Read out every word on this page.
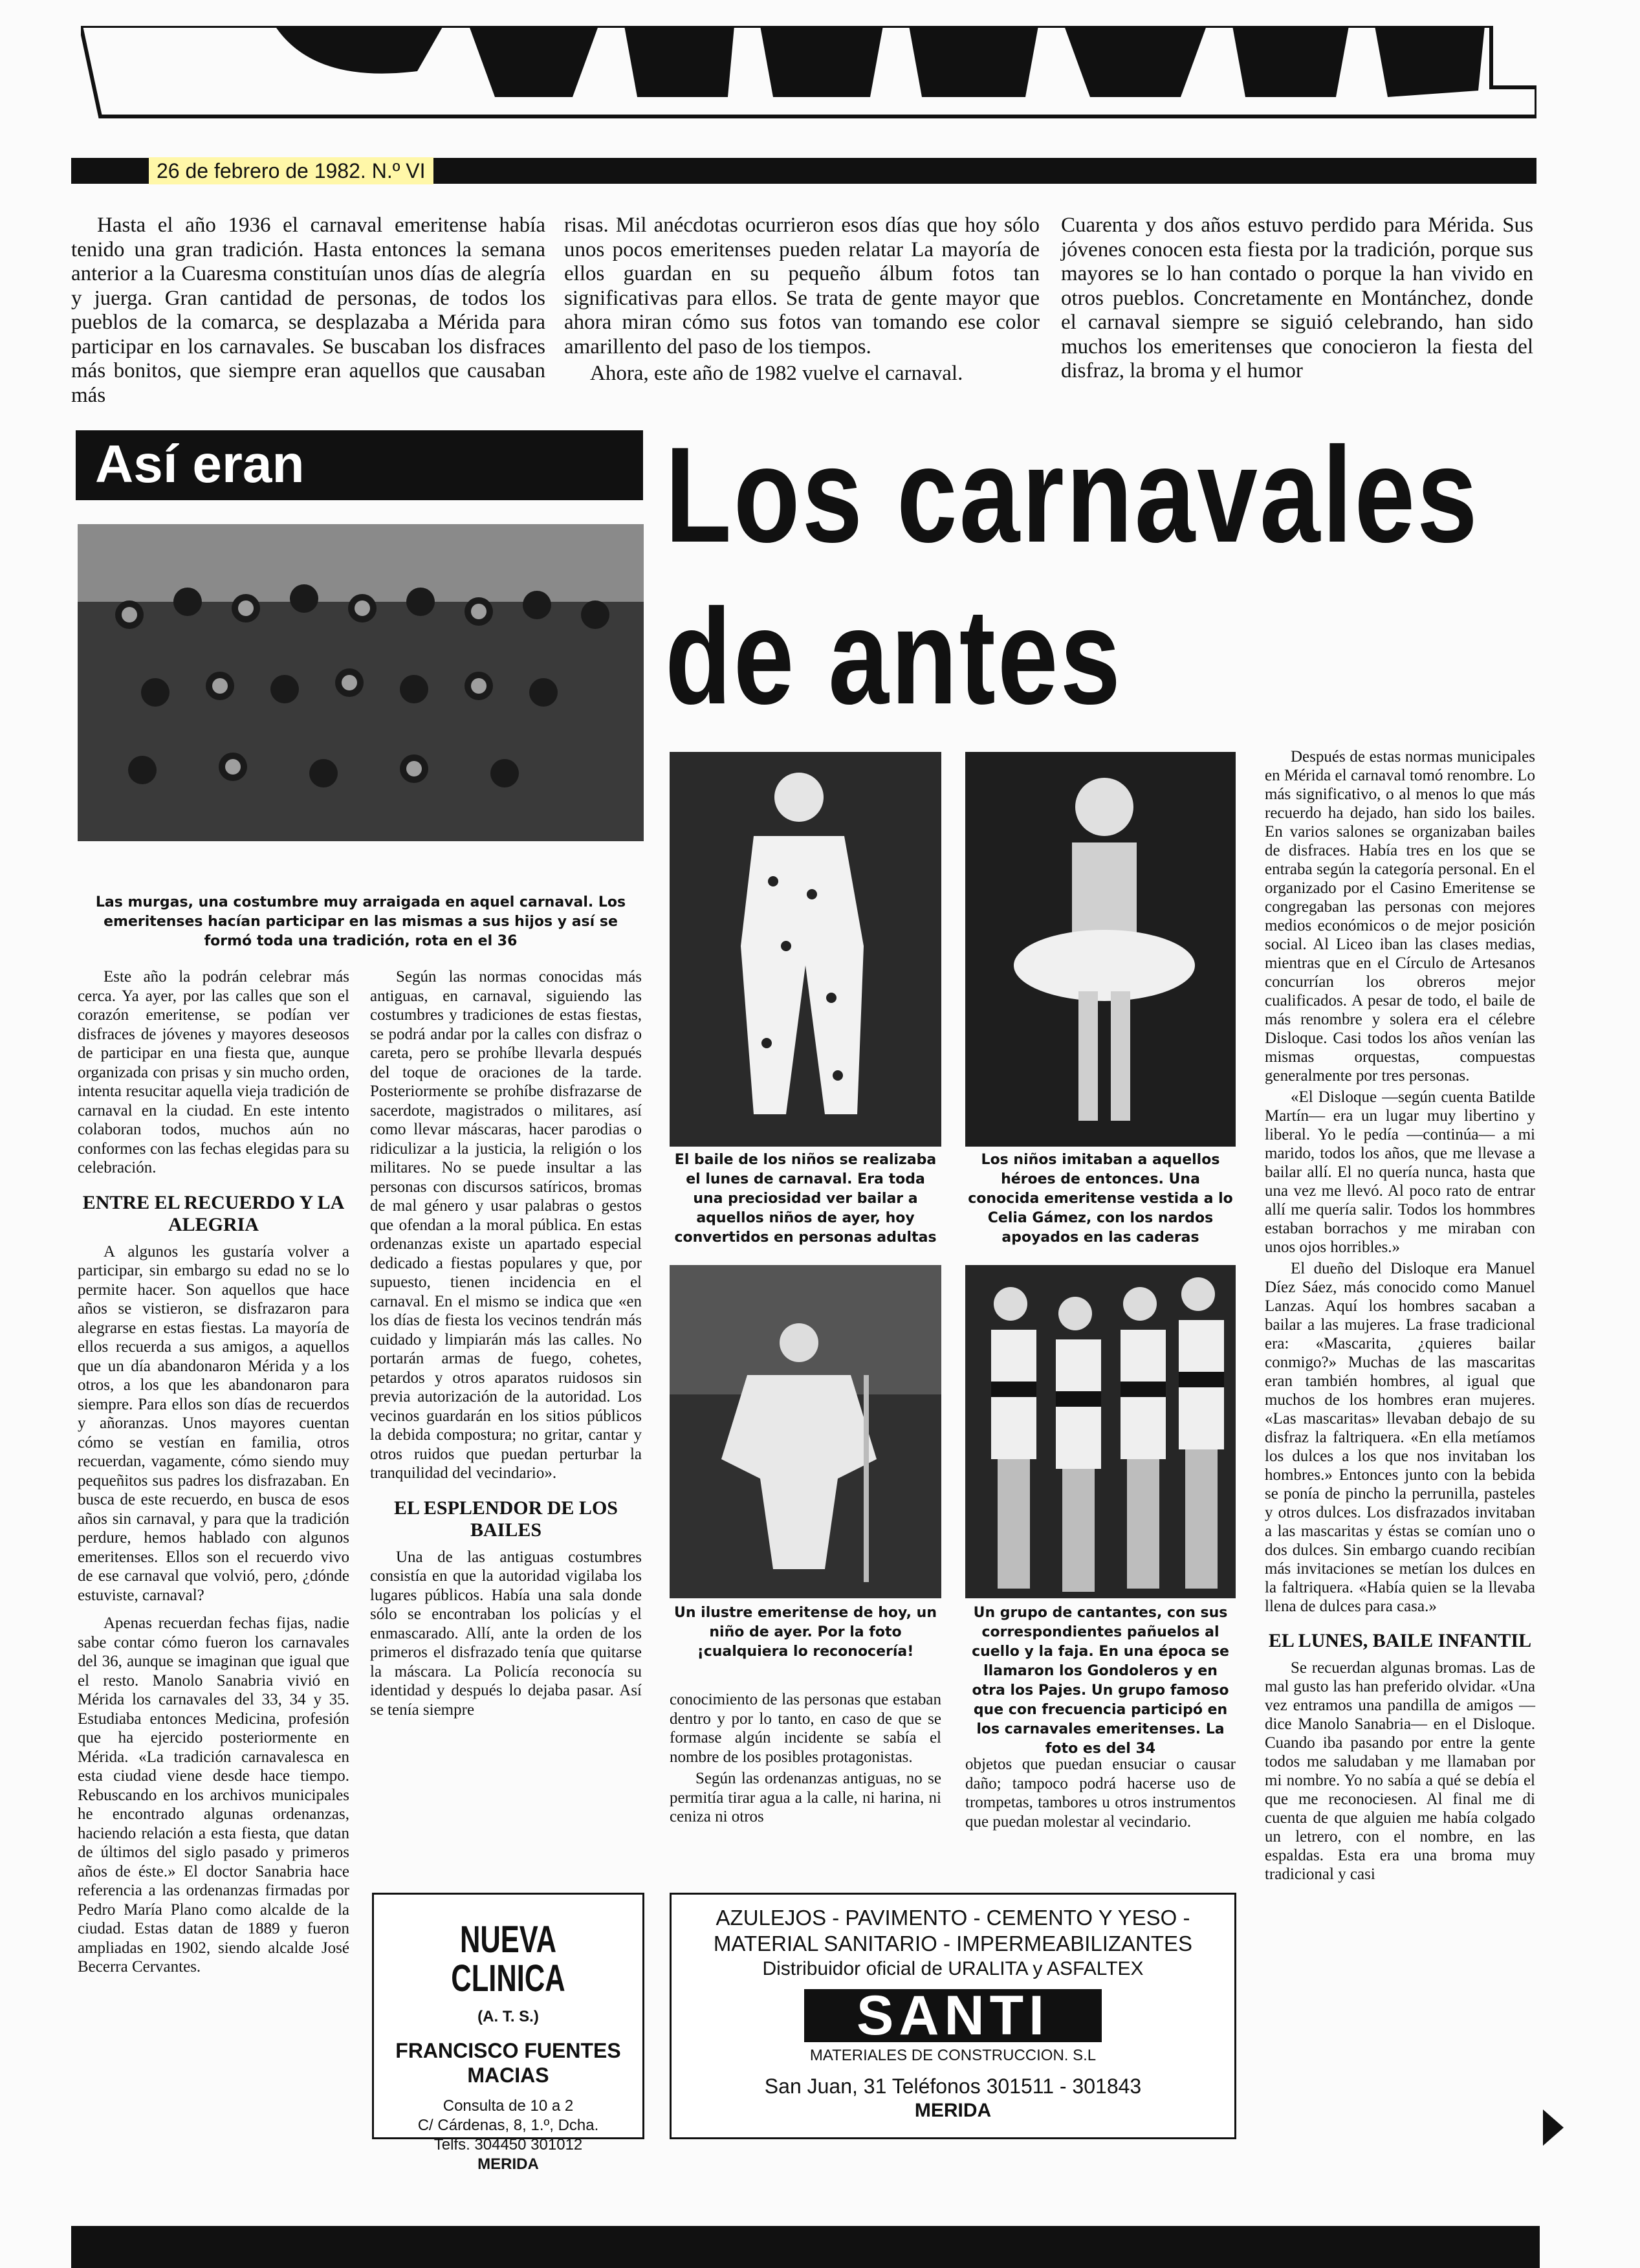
26 de febrero de 1982. N.º VI

Hasta el año 1936 el carnaval emeritense había tenido una gran tradición. Hasta entonces la semana anterior a la Cuaresma constituían unos días de alegría y juerga. Gran cantidad de personas, de todos los pueblos de la comarca, se desplazaba a Mérida para participar en los carnavales. Se buscaban los disfraces más bonitos, que siempre eran aquellos que causaban más

risas. Mil anécdotas ocurrieron esos días que hoy sólo unos pocos emeritenses pueden relatar La mayoría de ellos guardan en su pequeño álbum fotos tan significativas para ellos. Se trata de gente mayor que ahora miran cómo sus fotos van tomando ese color amarillento del paso de los tiempos.

Ahora, este año de 1982 vuelve el carnaval.

Cuarenta y dos años estuvo perdido para Mérida. Sus jóvenes conocen esta fiesta por la tradición, porque sus mayores se lo han contado o porque la han vivido en otros pueblos. Concretamente en Montánchez, donde el carnaval siempre se siguió celebrando, han sido muchos los emeritenses que conocieron la fiesta del disfraz, la broma y el humor

Así eran	Los carnavales
de antes

Las murgas, una costumbre muy arraigada en aquel carnaval. Los emeritenses hacían participar en las mismas a sus hijos y así se formó toda una tradición, rota en el 36

El baile de los niños se realizaba el lunes de carnaval. Era toda una preciosidad ver bailar a aquellos niños de ayer, hoy convertidos en personas adultas

Los niños imitaban a aquellos héroes de entonces. Una conocida emeritense vestida a lo Celia Gámez, con los nardos apoyados en las caderas

Un ilustre emeritense de hoy, un niño de ayer. Por la foto ¡cualquiera lo reconocería!

Un grupo de cantantes, con sus correspondientes pañuelos al cuello y la faja. En una época se llamaron los Gondoleros y en otra los Pajes. Un grupo famoso que con frecuencia participó en los carnavales emeritenses. La foto es del 34

Este año la podrán celebrar más cerca. Ya ayer, por las calles que son el corazón emeritense, se podían ver disfraces de jóvenes y mayores deseosos de participar en una fiesta que, aunque organizada con prisas y sin mucho orden, intenta resucitar aquella vieja tradición de carnaval en la ciudad. En este intento colaboran todos, muchos aún no conformes con las fechas elegidas para su celebración.

ENTRE EL RECUERDO Y LA ALEGRIA

A algunos les gustaría volver a participar, sin embargo su edad no se lo permite hacer. Son aquellos que hace años se vistieron, se disfrazaron para alegrarse en estas fiestas. La mayoría de ellos recuerda a sus amigos, a aquellos que un día abandonaron Mérida y a los otros, a los que les abandonaron para siempre. Para ellos son días de recuerdos y añoranzas. Unos mayores cuentan cómo se vestían en familia, otros recuerdan, vagamente, cómo siendo muy pequeñitos sus padres los disfrazaban. En busca de este recuerdo, en busca de esos años sin carnaval, y para que la tradición perdure, hemos hablado con algunos emeritenses. Ellos son el recuerdo vivo de ese carnaval que volvió, pero, ¿dónde estuviste, carnaval?

Apenas recuerdan fechas fijas, nadie sabe contar cómo fueron los carnavales del 36, aunque se imaginan que igual que el resto. Manolo Sanabria vivió en Mérida los carnavales del 33, 34 y 35. Estudiaba entonces Medicina, profesión que ha ejercido posteriormente en Mérida. «La tradición carnavalesca en esta ciudad viene desde hace tiempo. Rebuscando en los archivos municipales he encontrado algunas ordenanzas, haciendo relación a esta fiesta, que datan de últimos del siglo pasado y primeros años de éste.» El doctor Sanabria hace referencia a las ordenanzas firmadas por Pedro María Plano como alcalde de la ciudad. Estas datan de 1889 y fueron ampliadas en 1902, siendo alcalde José Becerra Cervantes.

Según las normas conocidas más antiguas, en carnaval, siguiendo las costumbres y tradiciones de estas fiestas, se podrá andar por la calles con disfraz o careta, pero se prohíbe llevarla después del toque de oraciones de la tarde. Posteriormente se prohíbe disfrazarse de sacerdote, magistrados o militares, así como llevar máscaras, hacer parodias o ridiculizar a la justicia, la religión o los militares. No se puede insultar a las personas con discursos satíricos, bromas de mal género y usar palabras o gestos que ofendan a la moral pública. En estas ordenanzas existe un apartado especial dedicado a fiestas populares y que, por supuesto, tienen incidencia en el carnaval. En el mismo se indica que «en los días de fiesta los vecinos tendrán más cuidado y limpiarán más las calles. No portarán armas de fuego, cohetes, petardos y otros aparatos ruidosos sin previa autorización de la autoridad. Los vecinos guardarán en los sitios públicos la debida compostura; no gritar, cantar y otros ruidos que puedan perturbar la tranquilidad del vecindario».

EL ESPLENDOR DE LOS BAILES

Una de las antiguas costumbres consistía en que la autoridad vigilaba los lugares públicos. Había una sala donde sólo se encontraban los policías y el enmascarado. Allí, ante la orden de los primeros el disfrazado tenía que quitarse la máscara. La Policía reconocía su identidad y después lo dejaba pasar. Así se tenía siempre

conocimiento de las personas que estaban dentro y por lo tanto, en caso de que se formase algún incidente se sabía el nombre de los posibles protagonistas.

Según las ordenanzas antiguas, no se permitía tirar agua a la calle, ni harina, ni ceniza ni otros

objetos que puedan ensuciar o causar daño; tampoco podrá hacerse uso de trompetas, tambores u otros instrumentos que puedan molestar al vecindario.

Después de estas normas municipales en Mérida el carnaval tomó renombre. Lo más significativo, o al menos lo que más recuerdo ha dejado, han sido los bailes. En varios salones se organizaban bailes de disfraces. Había tres en los que se entraba según la categoría personal. En el organizado por el Casino Emeritense se congregaban las personas con mejores medios económicos o de mejor posición social. Al Liceo iban las clases medias, mientras que en el Círculo de Artesanos concurrían los obreros mejor cualificados. A pesar de todo, el baile de más renombre y solera era el célebre Disloque. Casi todos los años venían las mismas orquestas, compuestas generalmente por tres personas.

«El Disloque —según cuenta Batilde Martín— era un lugar muy libertino y liberal. Yo le pedía —continúa— a mi marido, todos los años, que me llevase a bailar allí. El no quería nunca, hasta que una vez me llevó. Al poco rato de entrar allí me quería salir. Todos los hommbres estaban borrachos y me miraban con unos ojos horribles.»

El dueño del Disloque era Manuel Díez Sáez, más conocido como Manuel Lanzas. Aquí los hombres sacaban a bailar a las mujeres. La frase tradicional era: «Mascarita, ¿quieres bailar conmigo?» Muchas de las mascaritas eran también hombres, al igual que muchos de los hombres eran mujeres. «Las mascaritas» llevaban debajo de su disfraz la faltriquera. «En ella metíamos los dulces a los que nos invitaban los hombres.» Entonces junto con la bebida se ponía de pincho la perrunilla, pasteles y otros dulces. Los disfrazados invitaban a las mascaritas y éstas se comían uno o dos dulces. Sin embargo cuando recibían más invitaciones se metían los dulces en la faltriquera. «Había quien se la llevaba llena de dulces para casa.»

EL LUNES, BAILE INFANTIL

Se recuerdan algunas bromas. Las de mal gusto las han preferido olvidar. «Una vez entramos una pandilla de amigos —dice Manolo Sanabria— en el Disloque. Cuando iba pasando por entre la gente todos me saludaban y me llamaban por mi nombre. Yo no sabía a qué se debía el que me reconociesen. Al final me di cuenta de que alguien me había colgado un letrero, con el nombre, en las espaldas. Esta era una broma muy tradicional y casi

NUEVA CLINICA
(A. T. S.)
FRANCISCO FUENTES
MACIAS
Consulta de 10 a 2
C/ Cárdenas, 8, 1.º, Dcha.
Telfs. 304450 301012
MERIDA
AZULEJOS - PAVIMENTO - CEMENTO Y YESO -
MATERIAL SANITARIO - IMPERMEABILIZANTES
Distribuidor oficial de URALITA y ASFALTEX
SANTI
MATERIALES DE CONSTRUCCION. S.L
San Juan, 31 Teléfonos 301511 - 301843
MERIDA
